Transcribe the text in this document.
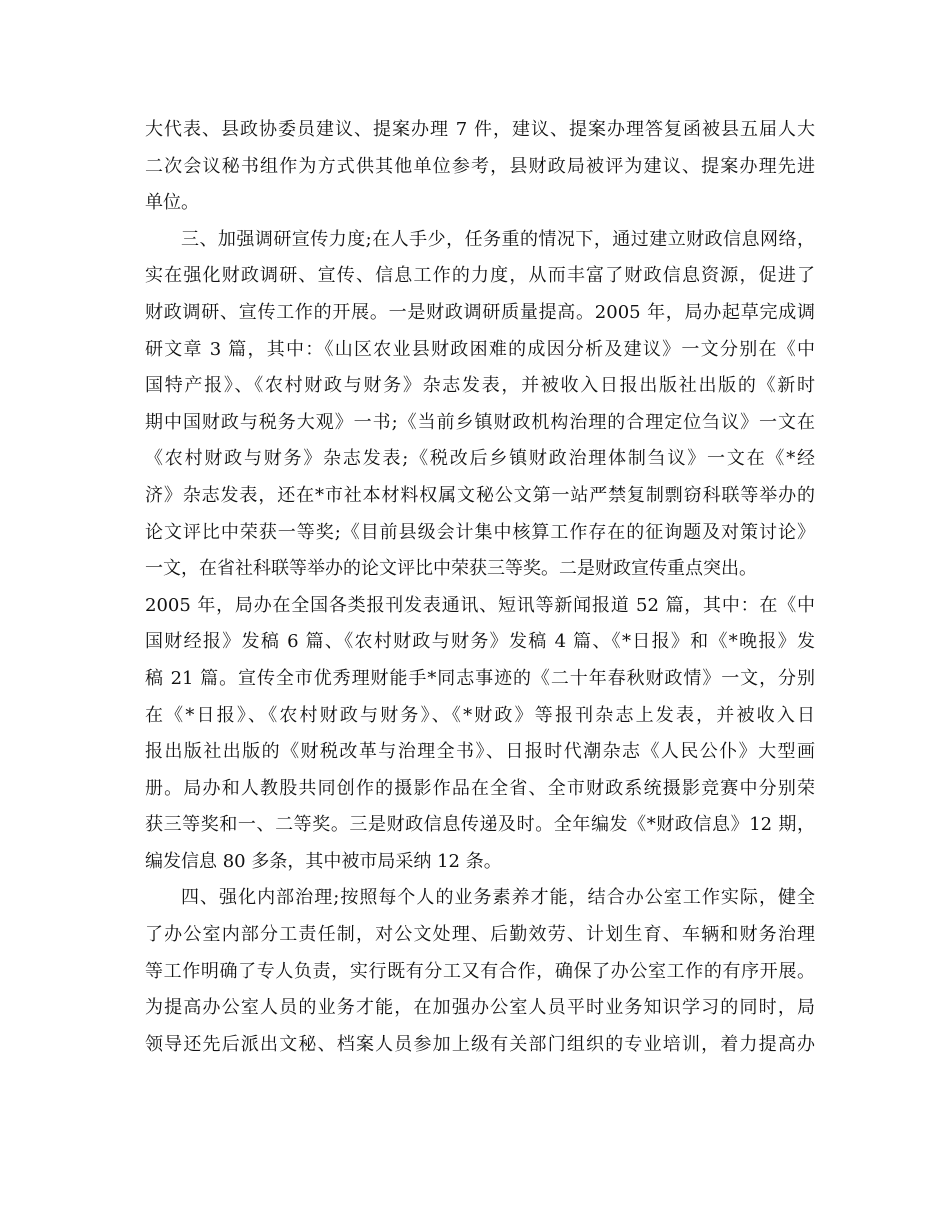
大代表、县政协委员建议、提案办理 7 件，建议、提案办理答复函被县五届人大
二次会议秘书组作为方式供其他单位参考，县财政局被评为建议、提案办理先进
单位。
三、加强调研宣传力度;在人手少，任务重的情况下，通过建立财政信息网络，
实在强化财政调研、宣传、信息工作的力度，从而丰富了财政信息资源，促进了
财政调研、宣传工作的开展。一是财政调研质量提高。2005 年，局办起草完成调
研文章 3 篇，其中：《山区农业县财政困难的成因分析及建议》一文分别在《中
国特产报》、《农村财政与财务》杂志发表，并被收入日报出版社出版的《新时
期中国财政与税务大观》一书;《当前乡镇财政机构治理的合理定位刍议》一文在
《农村财政与财务》杂志发表;《税改后乡镇财政治理体制刍议》一文在《*经
济》杂志发表，还在*市社本材料权属文秘公文第一站严禁复制剽窃科联等举办的
论文评比中荣获一等奖;《目前县级会计集中核算工作存在的征询题及对策讨论》
一文，在省社科联等举办的论文评比中荣获三等奖。二是财政宣传重点突出。
2005 年，局办在全国各类报刊发表通讯、短讯等新闻报道 52 篇，其中：在《中
国财经报》发稿 6 篇、《农村财政与财务》发稿 4 篇、《*日报》和《*晚报》发
稿 21 篇。宣传全市优秀理财能手*同志事迹的《二十年春秋财政情》一文，分别
在《*日报》、《农村财政与财务》、《*财政》等报刊杂志上发表，并被收入日
报出版社出版的《财税改革与治理全书》、日报时代潮杂志《人民公仆》大型画
册。局办和人教股共同创作的摄影作品在全省、全市财政系统摄影竞赛中分别荣
获三等奖和一、二等奖。三是财政信息传递及时。全年编发《*财政信息》12 期，
编发信息 80 多条，其中被市局采纳 12 条。
四、强化内部治理;按照每个人的业务素养才能，结合办公室工作实际，健全
了办公室内部分工责任制，对公文处理、后勤效劳、计划生育、车辆和财务治理
等工作明确了专人负责，实行既有分工又有合作，确保了办公室工作的有序开展。
为提高办公室人员的业务才能，在加强办公室人员平时业务知识学习的同时，局
领导还先后派出文秘、档案人员参加上级有关部门组织的专业培训，着力提高办
